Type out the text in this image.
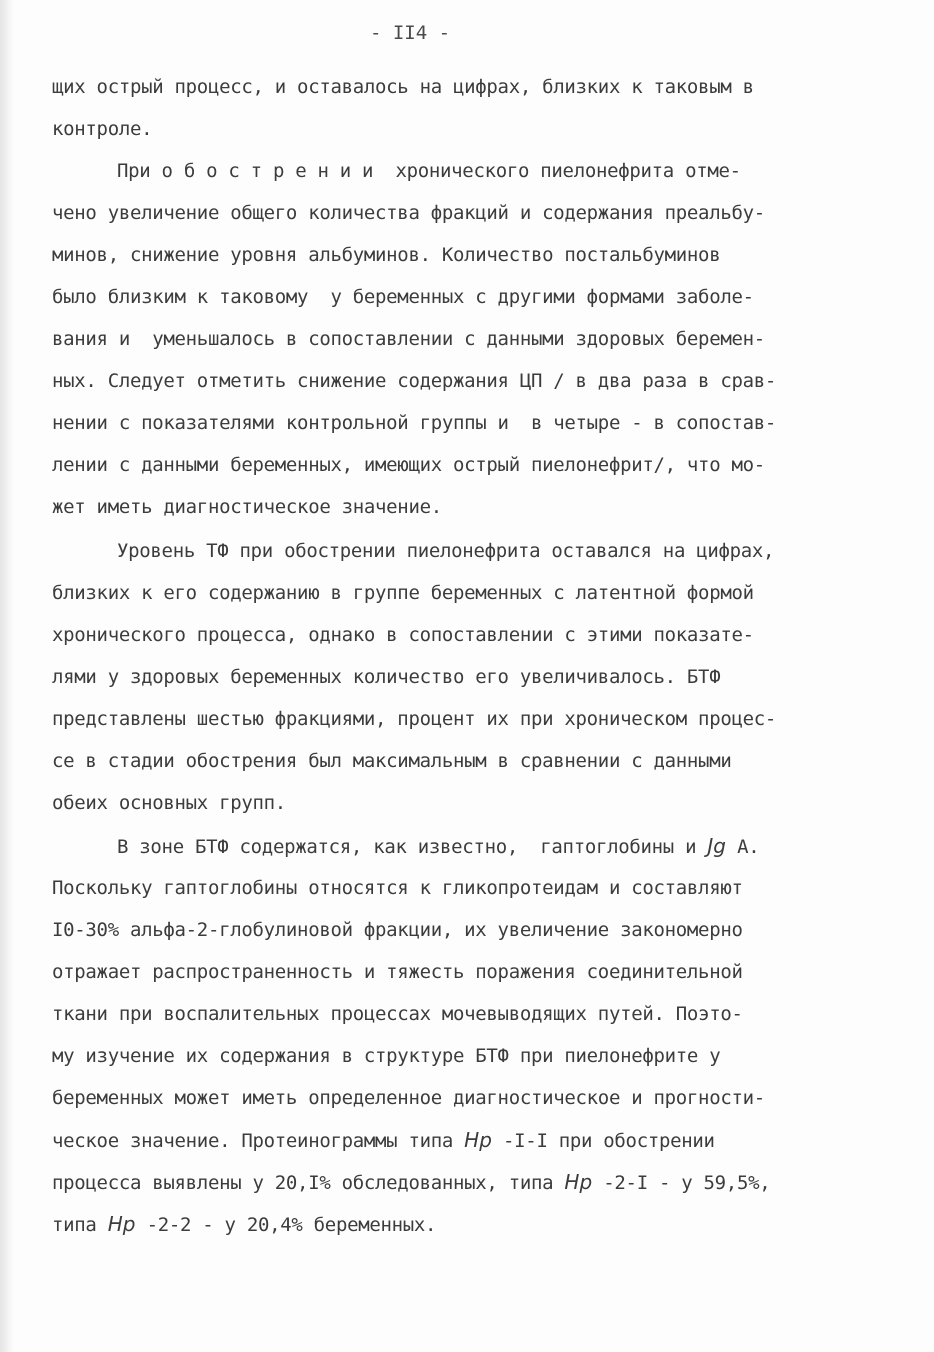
- II4 -
щих острый процесс, и оставалось на цифрах, близких к таковым в
контроле.
При о б о с т р е н и и  хронического пиелонефрита отме-
чено увеличение общего количества фракций и содержания преальбу-
минов, снижение уровня альбуминов. Количество постальбуминов
было близким к таковому  у беременных с другими формами заболе-
вания и  уменьшалось в сопоставлении с данными здоровых беремен-
ных. Следует отметить снижение содержания ЦП / в два раза в срав-
нении с показателями контрольной группы и  в четыре - в сопостав-
лении с данными беременных, имеющих острый пиелонефрит/, что мо-
жет иметь диагностическое значение.
Уровень ТФ при обострении пиелонефрита оставался на цифрах,
близких к его содержанию в группе беременных с латентной формой
хронического процесса, однако в сопоставлении с этими показате-
лями у здоровых беременных количество его увеличивалось. БТФ
представлены шестью фракциями, процент их при хроническом процес-
се в стадии обострения был максимальным в сравнении с данными
обеих основных групп.
В зоне БТФ содержатся, как известно,  гаптоглобины и Jg А.
Поскольку гаптоглобины относятся к гликопротеидам и составляют
I0-30% альфа-2-глобулиновой фракции, их увеличение закономерно
отражает распространенность и тяжесть поражения соединительной
ткани при воспалительных процессах мочевыводящих путей. Поэто-
му изучение их содержания в структуре БТФ при пиелонефрите у
беременных может иметь определенное диагностическое и прогности-
ческое значение. Протеинограммы типа Hp -I-I при обострении
процесса выявлены у 20,I% обследованных, типа Hp -2-I - у 59,5%,
типа Hp -2-2 - у 20,4% беременных.
